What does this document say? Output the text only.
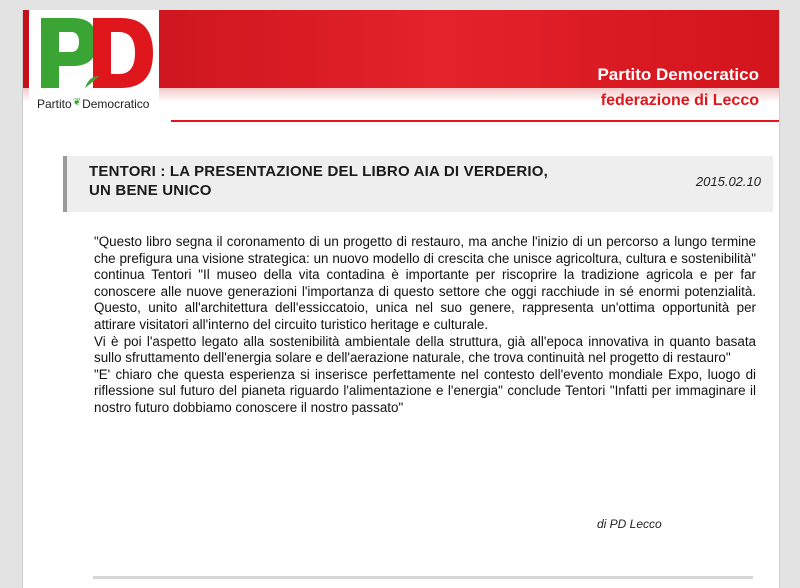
Partito❦Democratico
Partito Democratico
federazione di Lecco
TENTORI : LA PRESENTAZIONE DEL LIBRO AIA DI VERDERIO, UN BENE UNICO
2015.02.10

"Questo libro segna il coronamento di un progetto di restauro, ma anche l'inizio di un percorso a lungo termine che prefigura una visione strategica: un nuovo modello di crescita che unisce agricoltura, cultura e sostenibilità" continua Tentori "Il museo della vita contadina è importante per riscoprire la tradizione agricola e per far conoscere alle nuove generazioni l'importanza di questo settore che oggi racchiude in sé enormi potenzialità. Questo, unito all'architettura dell'essiccatoio, unica nel suo genere, rappresenta un'ottima opportunità per attirare visitatori all'interno del circuito turistico heritage e culturale.

Vi è poi l'aspetto legato alla sostenibilità ambientale della struttura, già all'epoca innovativa in quanto basata sullo sfruttamento dell'energia solare e dell'aerazione naturale, che trova continuità nel progetto di restauro"

"E' chiaro che questa esperienza si inserisce perfettamente nel contesto dell'evento mondiale Expo, luogo di riflessione sul futuro del pianeta riguardo l'alimentazione e l'energia" conclude Tentori "Infatti per immaginare il nostro futuro dobbiamo conoscere il nostro passato"

di PD Lecco
